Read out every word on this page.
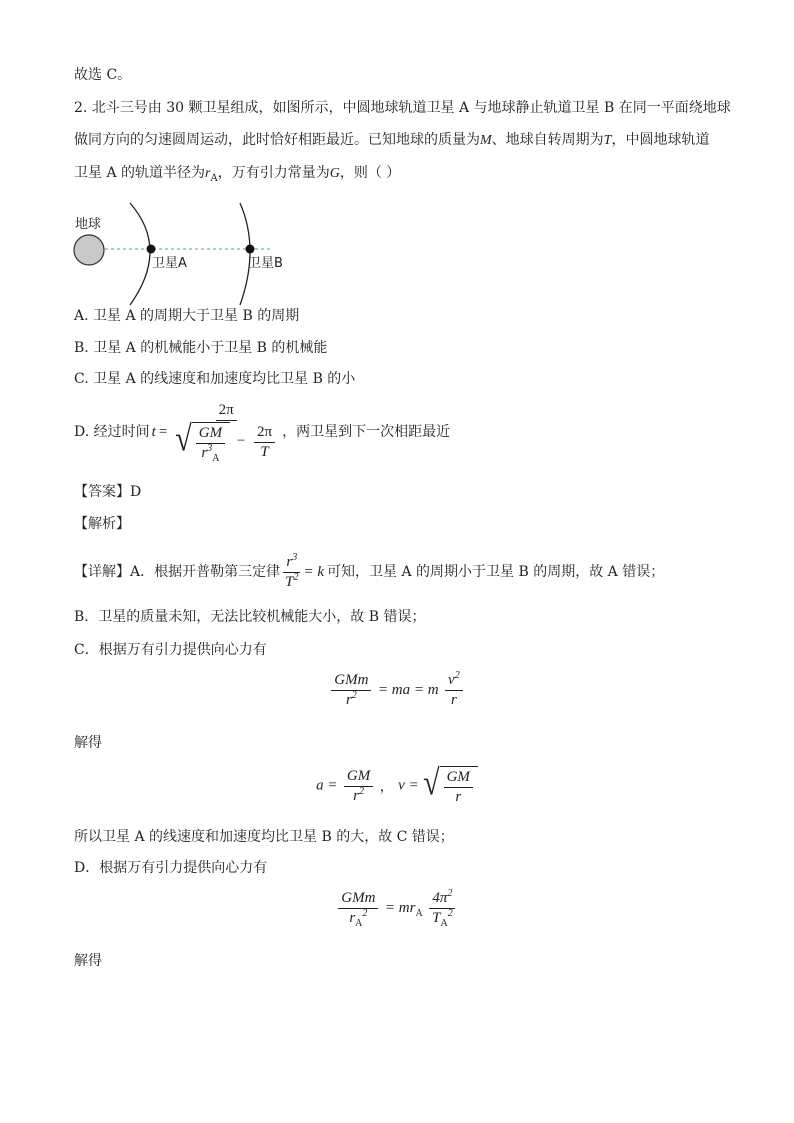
故选 C。
2. 北斗三号由 30 颗卫星组成，如图所示，中圆地球轨道卫星 A 与地球静止轨道卫星 B 在同一平面绕地球
做同方向的匀速圆周运动，此时恰好相距最近。已知地球的质量为M、地球自转周期为T，中圆地球轨道
卫星 A 的轨道半径为$r_A$，万有引力常量为G，则（ ）
地球
卫星A	卫星B
A. 卫星 A 的周期大于卫星 B 的周期
B. 卫星 A 的机械能小于卫星 B 的机械能
C. 卫星 A 的线速度和加速度均比卫星 B 的小
D. 经过时间 t =
2π
√ $\frac{GM}{r^3_A} - \frac{2\pi}{T}$ ，两卫星到下一次相距最近
【答案】D
【解析】
【详解】 A．根据开普勒第三定律 $\frac{r^3}{T^2} = k$ 可知，卫星 A 的周期小于卫星 B 的周期，故 A 错误；
B．卫星的质量未知，无法比较机械能大小，故 B 错误；
C．根据万有引力提供向心力有
$\frac{\text{GMm}}{r^2}$ = ma = m $\frac{v^2}{r}$
解得
$a = \frac{GM}{r^2}$ ， v = √ $\frac{GM}{r}$
所以卫星 A 的线速度和加速度均比卫星 B 的大，故 C 错误；
D．根据万有引力提供向心力有
$\frac{\text{GMm}}{r_A^2} = mr_A \frac{4\pi^2}{T_A^2}$
解得
